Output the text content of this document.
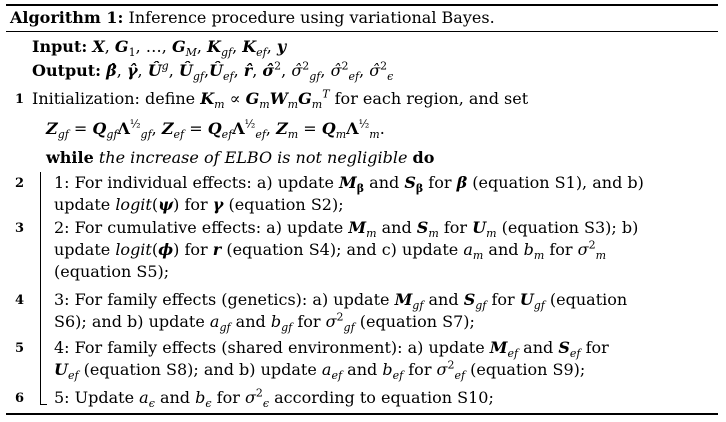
Algorithm 1: Inference procedure using variational Bayes.
Input: X, $G_1$, …, $G_M$, $K_{gf}$, $K_{ef}$, y
Output: β̂, γ̂, $Û^g$, $Û_{gf},Û_{ef}$, r̂, σ̂$^2$, σ̂$^2_{gf}$, σ̂$^2_{ef}$, σ̂$^2_\epsilon$
1 Initialization: define $K_m \propto G_mW_mG_m^T$ for each region, and set
$Z_{gf} = Q_{gf}\Lambda^{\frac{1}{2}}_{gf}$, $Z_{ef} = Q_{ef}\Lambda^{\frac{1}{2}}_{ef}$, $Z_m = Q_m\Lambda^{\frac{1}{2}}_m$.
while the increase of ELBO is not negligible do
2 1: For individual effects: a) update $M_\beta$ and $S_\beta$ for β (equation S1), and b)
update logit(ψ) for γ (equation S2);
3 2: For cumulative effects: a) update $M_m$ and $S_m$ for $U_m$ (equation S3); b)
update logit(ϕ) for r (equation S4); and c) update $a_m$ and $b_m$ for $\sigma^2_m$
(equation S5);
4 3: For family effects (genetics): a) update $M_{gf}$ and $S_{gf}$ for $U_{gf}$ (equation
S6); and b) update $a_{gf}$ and $b_{gf}$ for $\sigma^2_{gf}$ (equation S7);
5 4: For family effects (shared environment): a) update $M_{ef}$ and $S_{ef}$ for
$U_{ef}$ (equation S8); and b) update $a_{ef}$ and $b_{ef}$ for $\sigma^2_{ef}$ (equation S9);
6 5: Update $a_\epsilon$ and $b_\epsilon$ for $\sigma^2_\epsilon$ according to equation S10;
